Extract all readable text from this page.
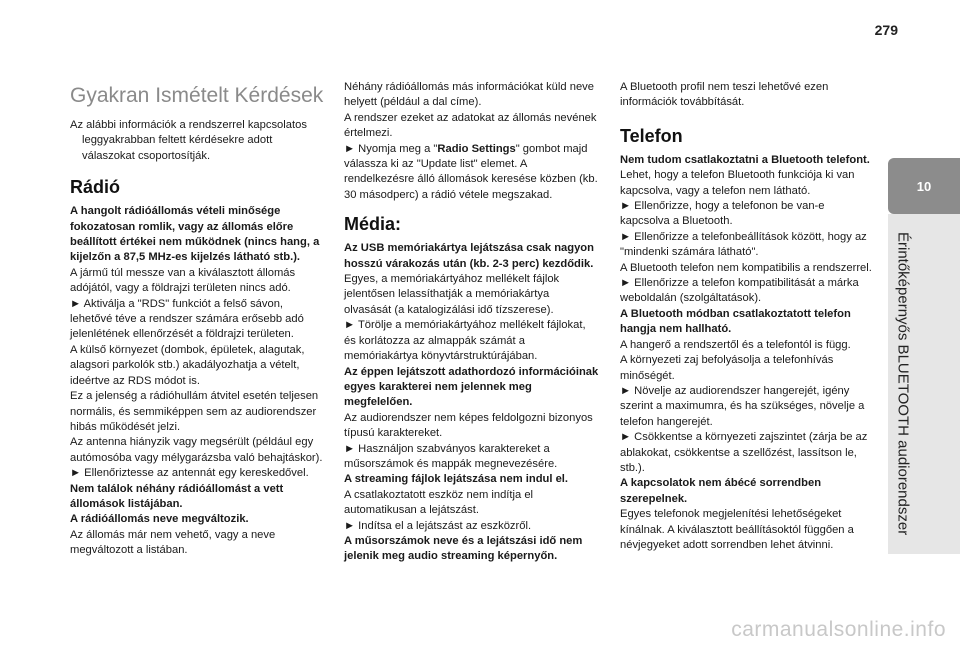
279
10
Érintőképernyős BLUETOOTH audiorendszer
Gyakran Ismételt Kérdések

Az alábbi információk a rendszerrel kapcsolatos leggyakrabban feltett kérdésekre adott válaszokat csoportosítják.

Rádió

A hangolt rádióállomás vételi minősége fokozatosan romlik, vagy az állomás előre beállított értékei nem működnek (nincs hang, a kijelzőn a 87,5 MHz-es kijelzés látható stb.).

A jármű túl messze van a kiválasztott állomás adójától, vagy a földrajzi területen nincs adó.

► Aktiválja a "RDS" funkciót a felső sávon, lehetővé téve a rendszer számára erősebb adó jelenlétének ellenőrzését a földrajzi területen.

A külső környezet (dombok, épületek, alagutak, alagsori parkolók stb.) akadályozhatja a vételt, ideértve az RDS módot is.

Ez a jelenség a rádióhullám átvitel esetén teljesen normális, és semmiképpen sem az audiorendszer hibás működését jelzi.

Az antenna hiányzik vagy megsérült (például egy autómosóba vagy mélygarázsba való behajtáskor).

► Ellenőriztesse az antennát egy kereskedővel.

Nem találok néhány rádióállomást a vett állomások listájában.

A rádióállomás neve megváltozik.

Az állomás már nem vehető, vagy a neve megváltozott a listában.

Néhány rádióállomás más információkat küld neve helyett (például a dal címe).

A rendszer ezeket az adatokat az állomás nevének értelmezi.

► Nyomja meg a "Radio Settings" gombot majd válassza ki az "Update list" elemet. A rendelkezésre álló állomások keresése közben (kb. 30 másodperc) a rádió vétele megszakad.

Média:

Az USB memóriakártya lejátszása csak nagyon hosszú várakozás után (kb. 2-3 perc) kezdődik.

Egyes, a memóriakártyához mellékelt fájlok jelentősen lelassíthatják a memóriakártya olvasását (a katalogizálási idő tízszerese).

► Törölje a memóriakártyához mellékelt fájlokat, és korlátozza az almappák számát a memóriakártya könyvtárstruktúrájában.

Az éppen lejátszott adathordozó információinak egyes karakterei nem jelennek meg megfelelően.

Az audiorendszer nem képes feldolgozni bizonyos típusú karaktereket.

► Használjon szabványos karaktereket a műsorszámok és mappák megnevezésére.

A streaming fájlok lejátszása nem indul el.

A csatlakoztatott eszköz nem indítja el automatikusan a lejátszást.

► Indítsa el a lejátszást az eszközről.

A műsorszámok neve és a lejátszási idő nem jelenik meg audio streaming képernyőn.

A Bluetooth profil nem teszi lehetővé ezen információk továbbítását.

Telefon

Nem tudom csatlakoztatni a Bluetooth telefont.

Lehet, hogy a telefon Bluetooth funkciója ki van kapcsolva, vagy a telefon nem látható.

► Ellenőrizze, hogy a telefonon be van-e kapcsolva a Bluetooth.

► Ellenőrizze a telefonbeállítások között, hogy az "mindenki számára látható".

A Bluetooth telefon nem kompatibilis a rendszerrel.

► Ellenőrizze a telefon kompatibilitását a márka weboldalán (szolgáltatások).

A Bluetooth módban csatlakoztatott telefon hangja nem hallható.

A hangerő a rendszertől és a telefontól is függ.

A környezeti zaj befolyásolja a telefonhívás minőségét.

► Növelje az audiorendszer hangerejét, igény szerint a maximumra, és ha szükséges, növelje a telefon hangerejét.

► Csökkentse a környezeti zajszintet (zárja be az ablakokat, csökkentse a szellőzést, lassítson le, stb.).

A kapcsolatok nem ábécé sorrendben szerepelnek.

Egyes telefonok megjelenítési lehetőségeket kínálnak. A kiválasztott beállításoktól függően a névjegyeket adott sorrendben lehet átvinni.

carmanualsonline.info
